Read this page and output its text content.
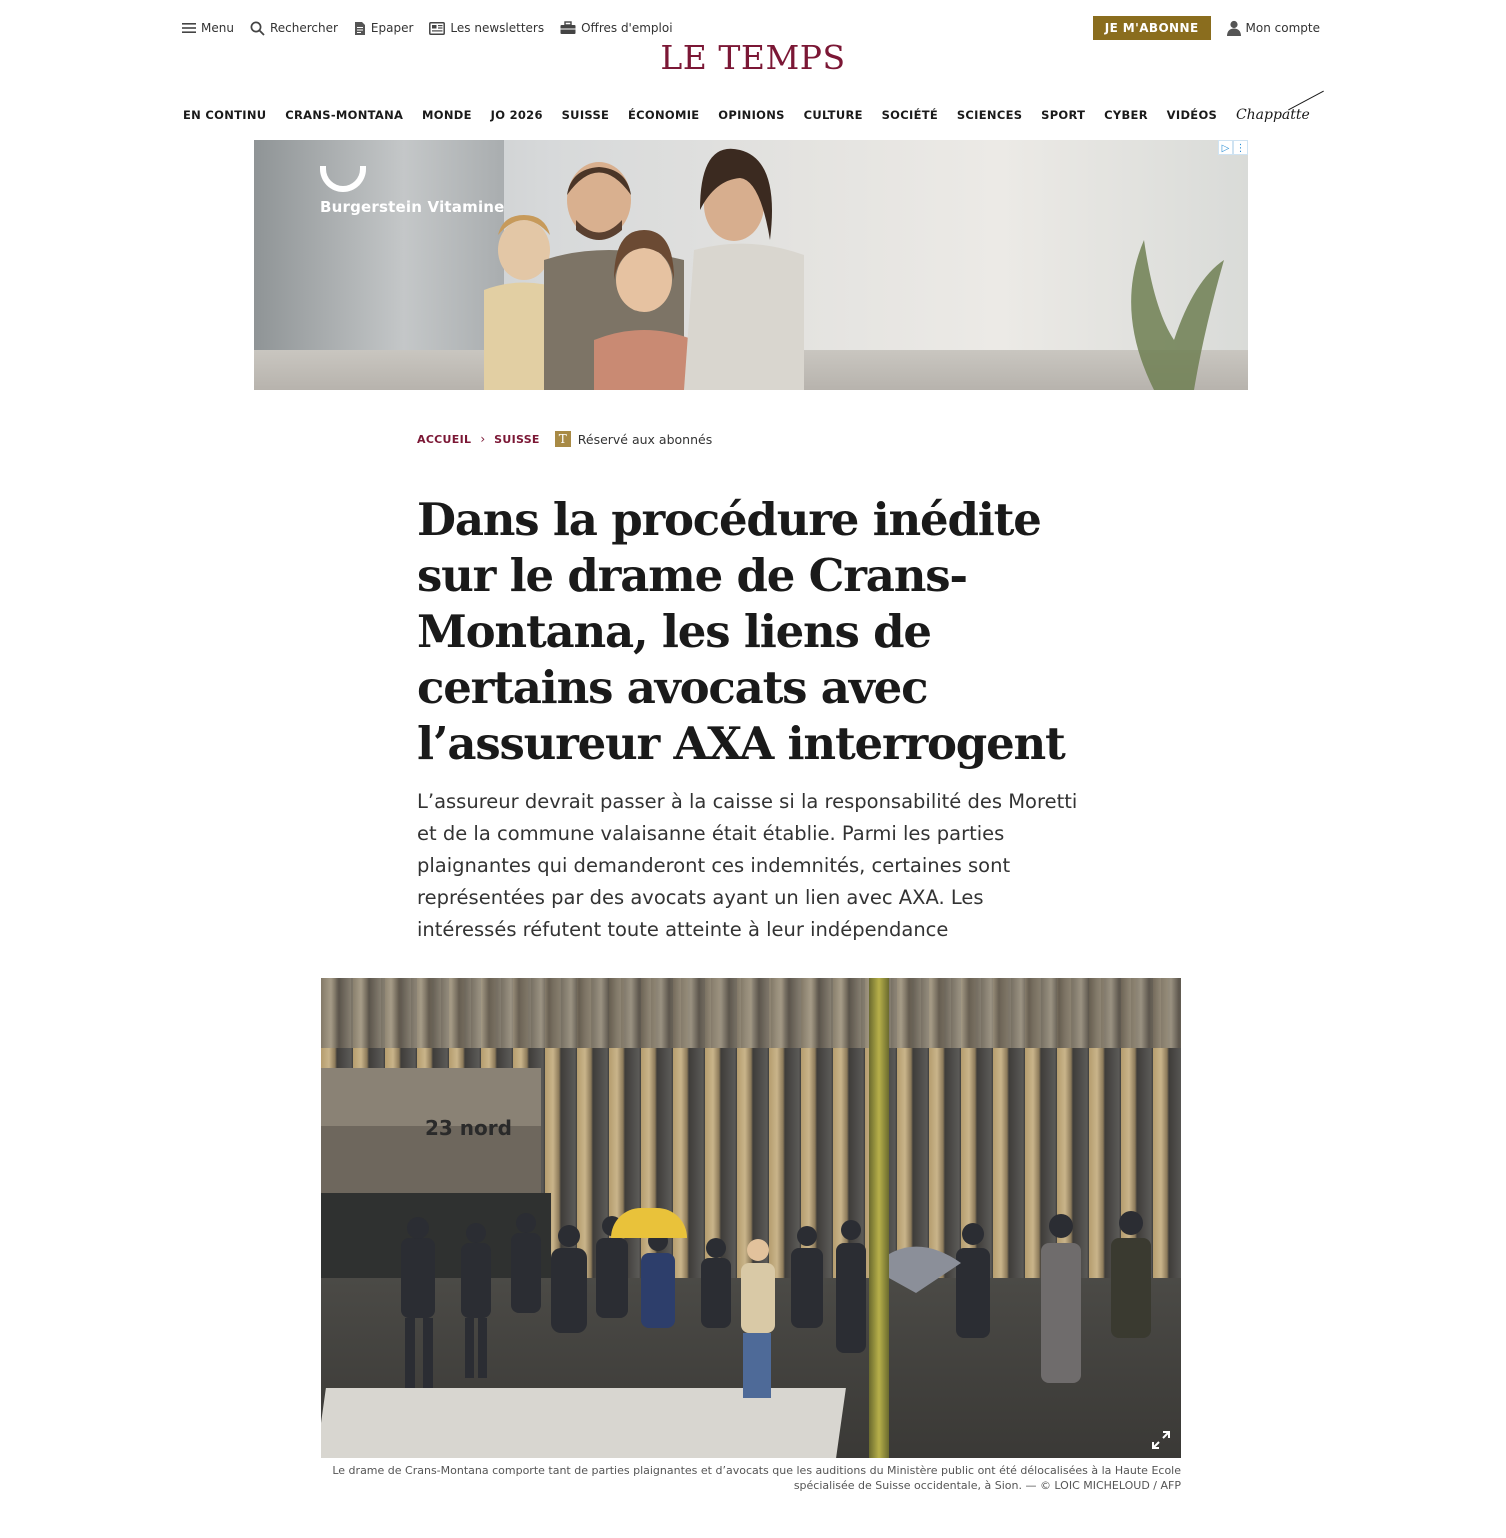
Menu	Rechercher	Epaper	Les newsletters	Offres d'emploi	JE M'ABONNE	Mon compte
LE TEMPS
EN CONTINU CRANS-MONTANA MONDE JO 2026 SUISSE ÉCONOMIE OPINIONS CULTURE SOCIÉTÉ SCIENCES SPORT CYBER VIDÉOS Chappatte
Burgerstein Vitamine
▷ ⋮
ACCUEIL › SUISSE	T Réservé aux abonnés
Dans la procédure inédite sur le drame de Crans-Montana, les liens de certains avocats avec l’assureur AXA interrogent

L’assureur devrait passer à la caisse si la responsabilité des Moretti et de la commune valaisanne était établie. Parmi les parties plaignantes qui demanderont ces indemnités, certaines sont représentées par des avocats ayant un lien avec AXA. Les intéressés réfutent toute atteinte à leur indépendance

23 nord
Le drame de Crans-Montana comporte tant de parties plaignantes et d’avocats que les auditions du Ministère public ont été délocalisées à la Haute Ecole spécialisée de Suisse occidentale, à Sion. — © LOIC MICHELOUD / AFP
